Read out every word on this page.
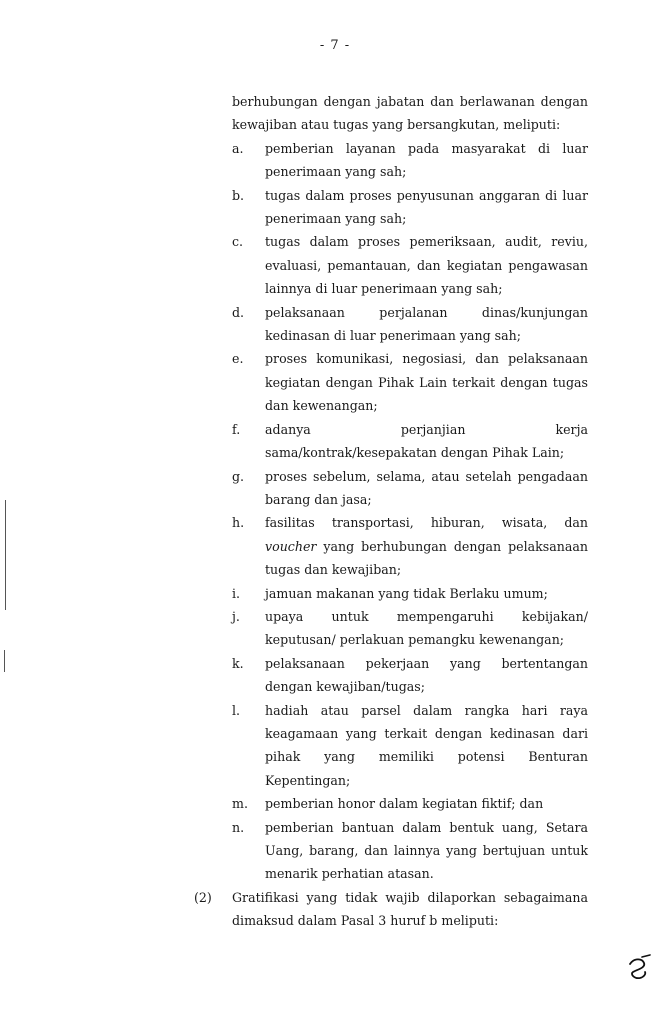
- 7 -

berhubungan dengan jabatan dan berlawanan dengan kewajiban atau tugas yang bersangkutan, meliputi:

a. pemberian layanan pada masyarakat di luar penerimaan yang sah;
b. tugas dalam proses penyusunan anggaran di luar penerimaan yang sah;
c. tugas dalam proses pemeriksaan, audit, reviu, evaluasi, pemantauan, dan kegiatan pengawasan lainnya di luar penerimaan yang sah;
d. pelaksanaan perjalanan dinas/kunjungan kedinasan di luar penerimaan yang sah;
e. proses komunikasi, negosiasi, dan pelaksanaan kegiatan dengan Pihak Lain terkait dengan tugas dan kewenangan;
f. adanya perjanjian kerja
sama/kontrak/kesepakatan dengan Pihak Lain;
g. proses sebelum, selama, atau setelah pengadaan barang dan jasa;
h. fasilitas transportasi, hiburan, wisata, dan voucher yang berhubungan dengan pelaksanaan tugas dan kewajiban;
i. jamuan makanan yang tidak Berlaku umum;
j. upaya untuk mempengaruhi kebijakan/ keputusan/ perlakuan pemangku kewenangan;
k. pelaksanaan pekerjaan yang bertentangan dengan kewajiban/tugas;
l. hadiah atau parsel dalam rangka hari raya keagamaan yang terkait dengan kedinasan dari pihak yang memiliki potensi Benturan Kepentingan;
m. pemberian honor dalam kegiatan fiktif; dan
n. pemberian bantuan dalam bentuk uang, Setara Uang, barang, dan lainnya yang bertujuan untuk menarik perhatian atasan.
(2) Gratifikasi yang tidak wajib dilaporkan sebagaimana dimaksud dalam Pasal 3 huruf b meliputi:
